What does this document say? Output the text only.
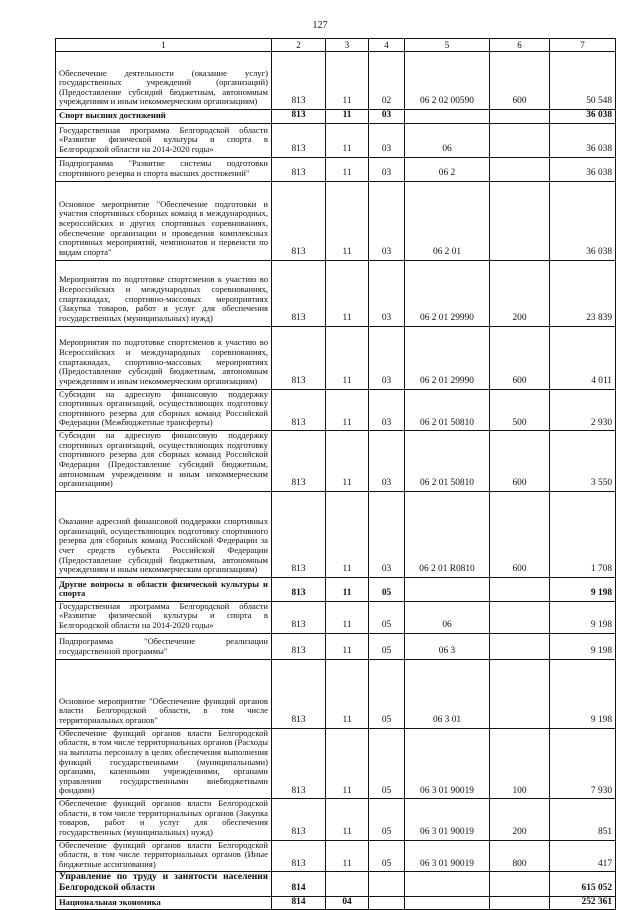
127
1	2	3	4	5	6	7
Обеспечение деятельности (оказание услуг) государственных учреждений (организаций) (Предоставление субсидий бюджетным, автономным учреждениям и иным некоммерческим организациям)	813	11	02	06 2 02 00590	600	50 548
Спорт высших достижений	813	11	03			36 038
Государственная программа Белгородской области «Развитие физической культуры и спорта в Белгородской области на 2014-2020 годы»	813	11	03	06		36 038
Подпрограмма "Развитие системы подготовки спортивного резерва и спорта высших достижений"	813	11	03	06 2		36 038
Основное мероприятие "Обеспечение подготовки и участия спортивных сборных команд в международных, всероссийских и других спортивных соревнованиях, обеспечение организации и проведения комплексных спортивных мероприятий, чемпионатов и первенств по видам спорта"	813	11	03	06 2 01		36 038
Мероприятия по подготовке спортсменов к участию во Всероссийских и международных соревнованиях, спартакиадах, спортивно-массовых мероприятиях (Закупка товаров, работ и услуг для обеспечения государственных (муниципальных) нужд)	813	11	03	06 2 01 29990	200	23 839
Мероприятия по подготовке спортсменов к участию во Всероссийских и международных соревнованиях, спартакиадах, спортивно-массовых мероприятиях (Предоставление субсидий бюджетным, автономным учреждениям и иным некоммерческим организациям)	813	11	03	06 2 01 29990	600	4 011
Субсидии на адресную финансовую поддержку спортивных организаций, осуществляющих подготовку спортивного резерва для сборных команд Российской Федерации (Межбюджетные трансферты)	813	11	03	06 2 01 50810	500	2 930
Субсидии на адресную финансовую поддержку спортивных организаций, осуществляющих подготовку спортивного резерва для сборных команд Российской Федерации (Предоставление субсидий бюджетным, автономным учреждениям и иным некоммерческим организациям)	813	11	03	06 2 01 50810	600	3 550
Оказание адресной финансовой поддержки спортивных организаций, осуществляющих подготовку спортивного резерва для сборных команд Российской Федерации за счет средств субъекта Российской Федерации (Предоставление субсидий бюджетным, автономным учреждениям и иным некоммерческим организациям)	813	11	03	06 2 01 R0810	600	1 708
Другие вопросы в области физической культуры и спорта	813	11	05			9 198
Государственная программа Белгородской области «Развитие физической культуры и спорта в Белгородской области на 2014-2020 годы»	813	11	05	06		9 198
Подпрограмма "Обеспечение реализации государственной программы"	813	11	05	06 3		9 198
Основное мероприятие "Обеспечение функций органов власти Белгородской области, в том числе территориальных органов"	813	11	05	06 3 01		9 198
Обеспечение функций органов власти Белгородской области, в том числе территориальных органов (Расходы на выплаты персоналу в целях обеспечения выполнения функций государственными (муниципальными) органами, казенными учреждениями, органами управления государственными внебюджетными фондами)	813	11	05	06 3 01 90019	100	7 930
Обеспечение функций органов власти Белгородской области, в том числе территориальных органов (Закупка товаров, работ и услуг для обеспечения государственных (муниципальных) нужд)	813	11	05	06 3 01 90019	200	851
Обеспечение функций органов власти Белгородской области, в том числе территориальных органов (Иные бюджетные ассигнования)	813	11	05	06 3 01 90019	800	417
Управление по труду и занятости населения Белгородской области	814					615 052
Национальная экономика	814	04				252 361
